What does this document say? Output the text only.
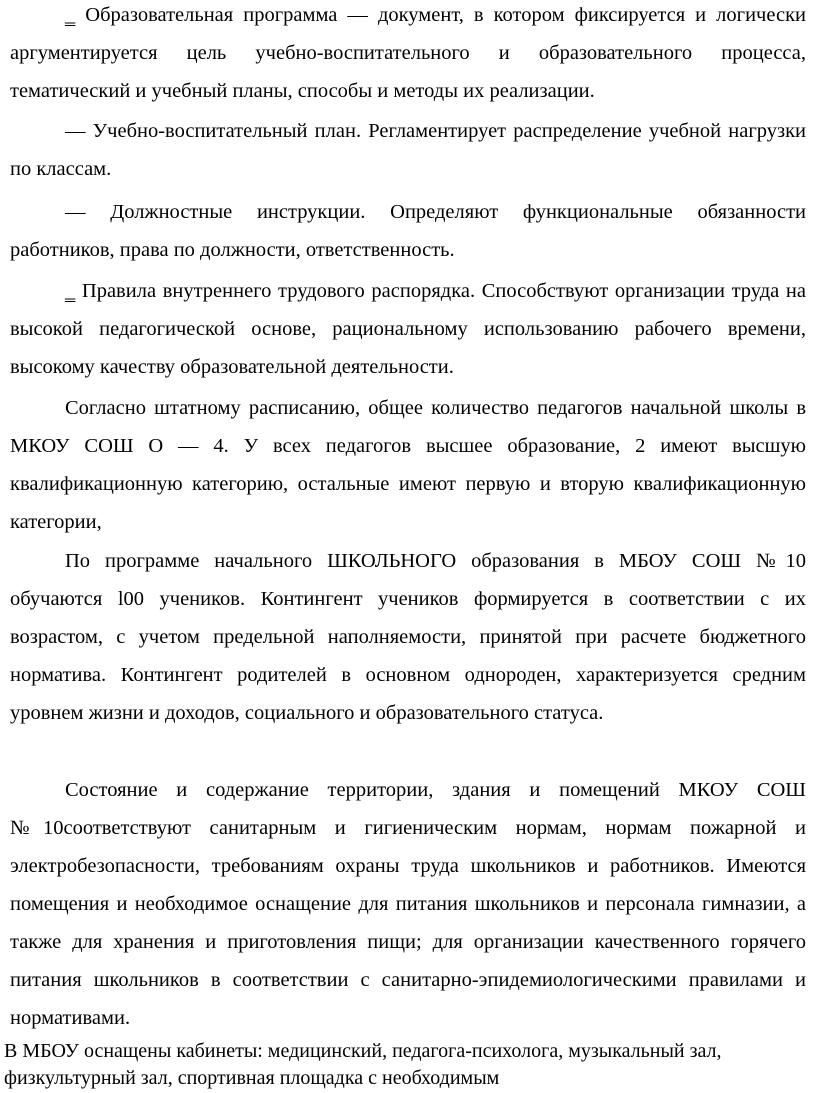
‗ Образовательная программа — документ, в котором фиксируется и логически аргументируется цель учебно-воспитательного и образовательного процесса, тематический и учебный планы, способы и методы их реализации.

— Учебно-воспитательный план. Регламентирует распределение учебной нагрузки по классам.

— Должностные инструкции. Определяют функциональные обязанности работников, права по должности, ответственность.

‗ Правила внутреннего трудового распорядка. Способствуют организации труда на высокой педагогической основе, рациональному использованию рабочего времени, высокому качеству образовательной деятельности.

Согласно штатному расписанию, общее количество педагогов начальной школы в МКОУ СОШ О — 4. У всех педагогов высшее образование, 2 имеют высшую квалификационную категорию, остальные имеют первую и вторую квалификационную категории,

По программе начального ШКОЛЬНОГО образования в МБОУ СОШ №10 обучаются l00 учеников. Контингент учеников формируется в соответствии с их возрастом, с учетом предельной наполняемости, принятой при расчете бюджетного норматива. Контингент родителей в основном однороден, характеризуется средним уровнем жизни и доходов, социального и образовательного статуса.

Состояние и содержание территории, здания и помещений МКОУ СОШ №10соответствуют санитарным и гигиеническим нормам, нормам пожарной и электробезопасности, требованиям охраны труда школьников и работников. Имеются помещения и необходимое оснащение для питания школьников и персонала гимназии, а также для хранения и приготовления пищи; для организации качественного горячего питания школьников в соответствии с санитарно-эпидемиологическими правилами и нормативами.

В МБОУ оснащены кабинеты: медицинский, педагога-психолога, музыкальный зал, физкультурный зал, спортивная площадка с необходимым
